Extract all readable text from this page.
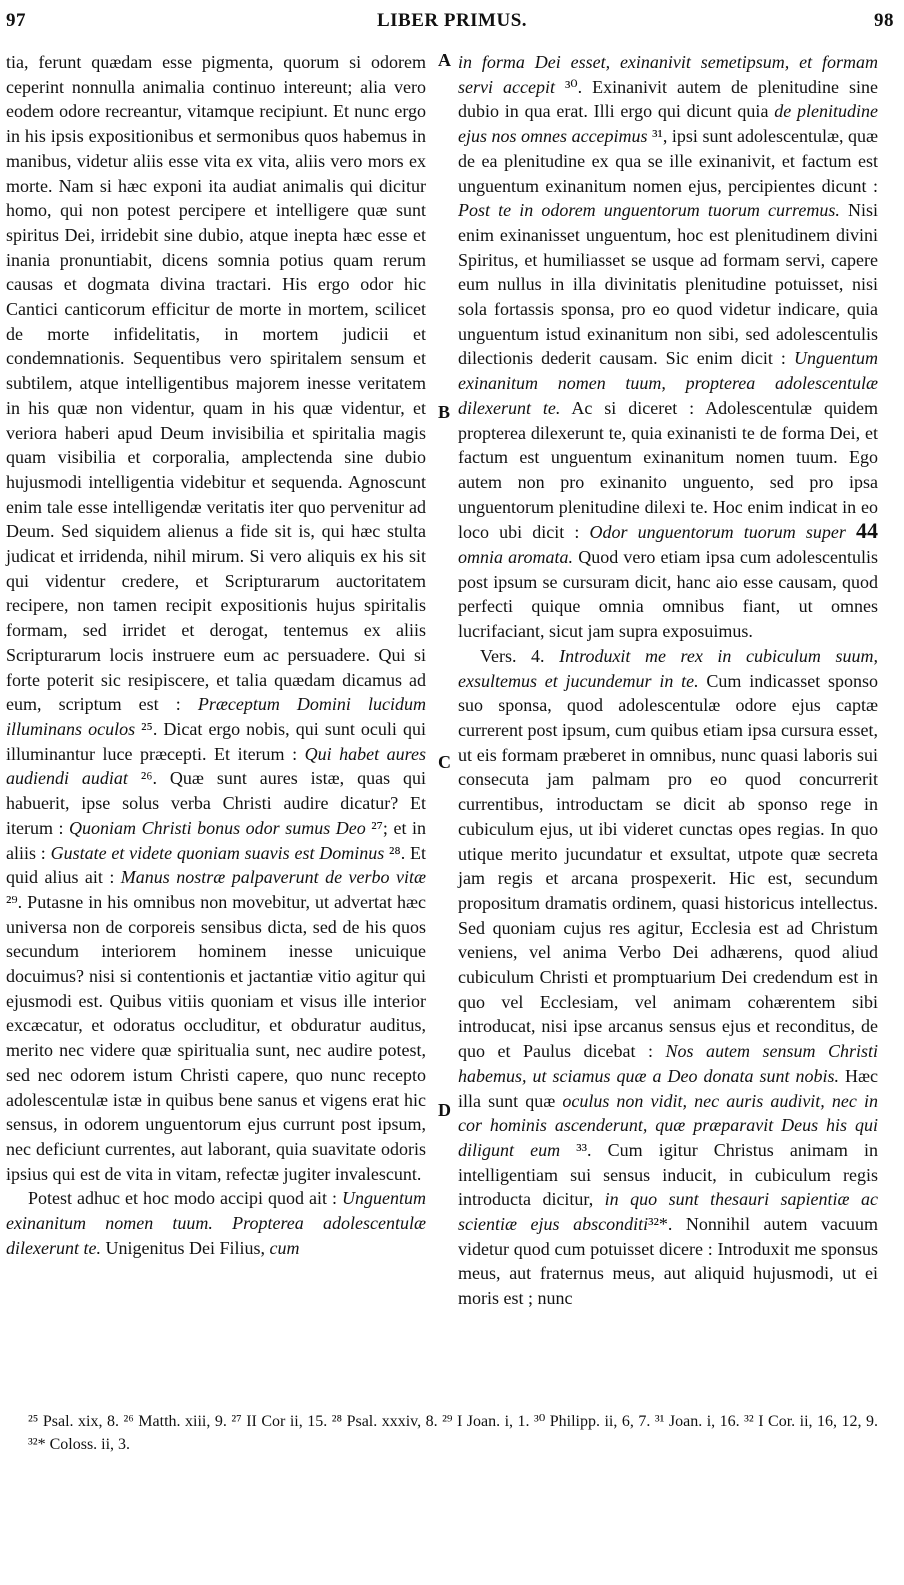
97	LIBER PRIMUS.	98

tia, ferunt quædam esse pigmenta, quorum si odorem ceperint nonnulla animalia continuo intereunt; alia vero eodem odore recreantur, vitamque recipiunt. Et nunc ergo in his ipsis expositionibus et sermonibus quos habemus in manibus, videtur aliis esse vita ex vita, aliis vero mors ex morte. Nam si hæc exponi ita audiat animalis qui dicitur homo, qui non potest percipere et intelligere quæ sunt spiritus Dei, irridebit sine dubio, atque inepta hæc esse et inania pronuntiabit, dicens somnia potius quam rerum causas et dogmata divina tractari. His ergo odor hic Cantici canticorum efficitur de morte in mortem, scilicet de morte infidelitatis, in mortem judicii et condemnationis. Sequentibus vero spiritalem sensum et subtilem, atque intelligentibus majorem inesse veritatem in his quæ non videntur, quam in his quæ videntur, et veriora haberi apud Deum invisibilia et spiritalia magis quam visibilia et corporalia, amplectenda sine dubio hujusmodi intelligentia videbitur et sequenda. Agnoscunt enim tale esse intelligendæ veritatis iter quo pervenitur ad Deum. Sed siquidem alienus a fide sit is, qui hæc stulta judicat et irridenda, nihil mirum. Si vero aliquis ex his sit qui videntur credere, et Scripturarum auctoritatem recipere, non tamen recipit expositionis hujus spiritalis formam, sed irridet et derogat, tentemus ex aliis Scripturarum locis instruere eum ac persuadere. Qui si forte poterit sic resipiscere, et talia quædam dicamus ad eum, scriptum est : Præceptum Domini lucidum illuminans oculos ²⁵. Dicat ergo nobis, qui sunt oculi qui illuminantur luce præcepti. Et iterum : Qui habet aures audiendi audiat ²⁶. Quæ sunt aures istæ, quas qui habuerit, ipse solus verba Christi audire dicatur? Et iterum : Quoniam Christi bonus odor sumus Deo ²⁷; et in aliis : Gustate et videte quoniam suavis est Dominus ²⁸. Et quid alius ait : Manus nostræ palpaverunt de verbo vitæ ²⁹. Putasne in his omnibus non movebitur, ut advertat hæc universa non de corporeis sensibus dicta, sed de his quos secundum interiorem hominem inesse unicuique docuimus? nisi si contentionis et jactantiæ vitio agitur qui ejusmodi est. Quibus vitiis quoniam et visus ille interior excæcatur, et odoratus occluditur, et obduratur auditus, merito nec videre quæ spiritualia sunt, nec audire potest, sed nec odorem istum Christi capere, quo nunc recepto adolescentulæ istæ in quibus bene sanus et vigens erat hic sensus, in odorem unguentorum ejus currunt post ipsum, nec deficiunt currentes, aut laborant, quia suavitate odoris ipsius qui est de vita in vitam, refectæ jugiter invalescunt.

Potest adhuc et hoc modo accipi quod ait : Unguentum exinanitum nomen tuum. Propterea adolescentulæ dilexerunt te. Unigenitus Dei Filius, cum

A
B
C
D

in forma Dei esset, exinanivit semetipsum, et formam servi accepit ³⁰. Exinanivit autem de plenitudine sine dubio in qua erat. Illi ergo qui dicunt quia de plenitudine ejus nos omnes accepimus ³¹, ipsi sunt adolescentulæ, quæ de ea plenitudine ex qua se ille exinanivit, et factum est unguentum exinanitum nomen ejus, percipientes dicunt : Post te in odorem unguentorum tuorum curremus. Nisi enim exinanisset unguentum, hoc est plenitudinem divini Spiritus, et humiliasset se usque ad formam servi, capere eum nullus in illa divinitatis plenitudine potuisset, nisi sola fortassis sponsa, pro eo quod videtur indicare, quia unguentum istud exinanitum non sibi, sed adolescentulis dilectionis dederit causam. Sic enim dicit : Unguentum exinanitum nomen tuum, propterea adolescentulæ dilexerunt te. Ac si diceret : Adolescentulæ quidem propterea dilexerunt te, quia exinanisti te de forma Dei, et factum est unguentum exinanitum nomen tuum. Ego autem non pro exinanito unguento, sed pro ipsa unguentorum plenitudine dilexi te. Hoc enim indicat in eo loco ubi dicit : Odor unguentorum tuorum super 44 omnia aromata. Quod vero etiam ipsa cum adolescentulis post ipsum se cursuram dicit, hanc aio esse causam, quod perfecti quique omnia omnibus fiant, ut omnes lucrifaciant, sicut jam supra exposuimus.

Vers. 4. Introduxit me rex in cubiculum suum, exsultemus et jucundemur in te. Cum indicasset sponso suo sponsa, quod adolescentulæ odore ejus captæ currerent post ipsum, cum quibus etiam ipsa cursura esset, ut eis formam præberet in omnibus, nunc quasi laboris sui consecuta jam palmam pro eo quod concurrerit currentibus, introductam se dicit ab sponso rege in cubiculum ejus, ut ibi videret cunctas opes regias. In quo utique merito jucundatur et exsultat, utpote quæ secreta jam regis et arcana prospexerit. Hic est, secundum propositum dramatis ordinem, quasi historicus intellectus. Sed quoniam cujus res agitur, Ecclesia est ad Christum veniens, vel anima Verbo Dei adhærens, quod aliud cubiculum Christi et promptuarium Dei credendum est in quo vel Ecclesiam, vel animam cohærentem sibi introducat, nisi ipse arcanus sensus ejus et reconditus, de quo et Paulus dicebat : Nos autem sensum Christi habemus, ut sciamus quæ a Deo donata sunt nobis. Hæc illa sunt quæ oculus non vidit, nec auris audivit, nec in cor hominis ascenderunt, quæ præparavit Deus his qui diligunt eum ³³. Cum igitur Christus animam in intelligentiam sui sensus inducit, in cubiculum regis introducta dicitur, in quo sunt thesauri sapientiæ ac scientiæ ejus absconditi³²*. Nonnihil autem vacuum videtur quod cum potuisset dicere : Introduxit me sponsus meus, aut fraternus meus, aut aliquid hujusmodi, ut ei moris est ; nunc

²⁵ Psal. xix, 8. ²⁶ Matth. xiii, 9. ²⁷ II Cor ii, 15. ²⁸ Psal. xxxiv, 8. ²⁹ I Joan. i, 1. ³⁰ Philipp. ii, 6, 7. ³¹ Joan. i, 16. ³² I Cor. ii, 16, 12, 9. ³²* Coloss. ii, 3.
